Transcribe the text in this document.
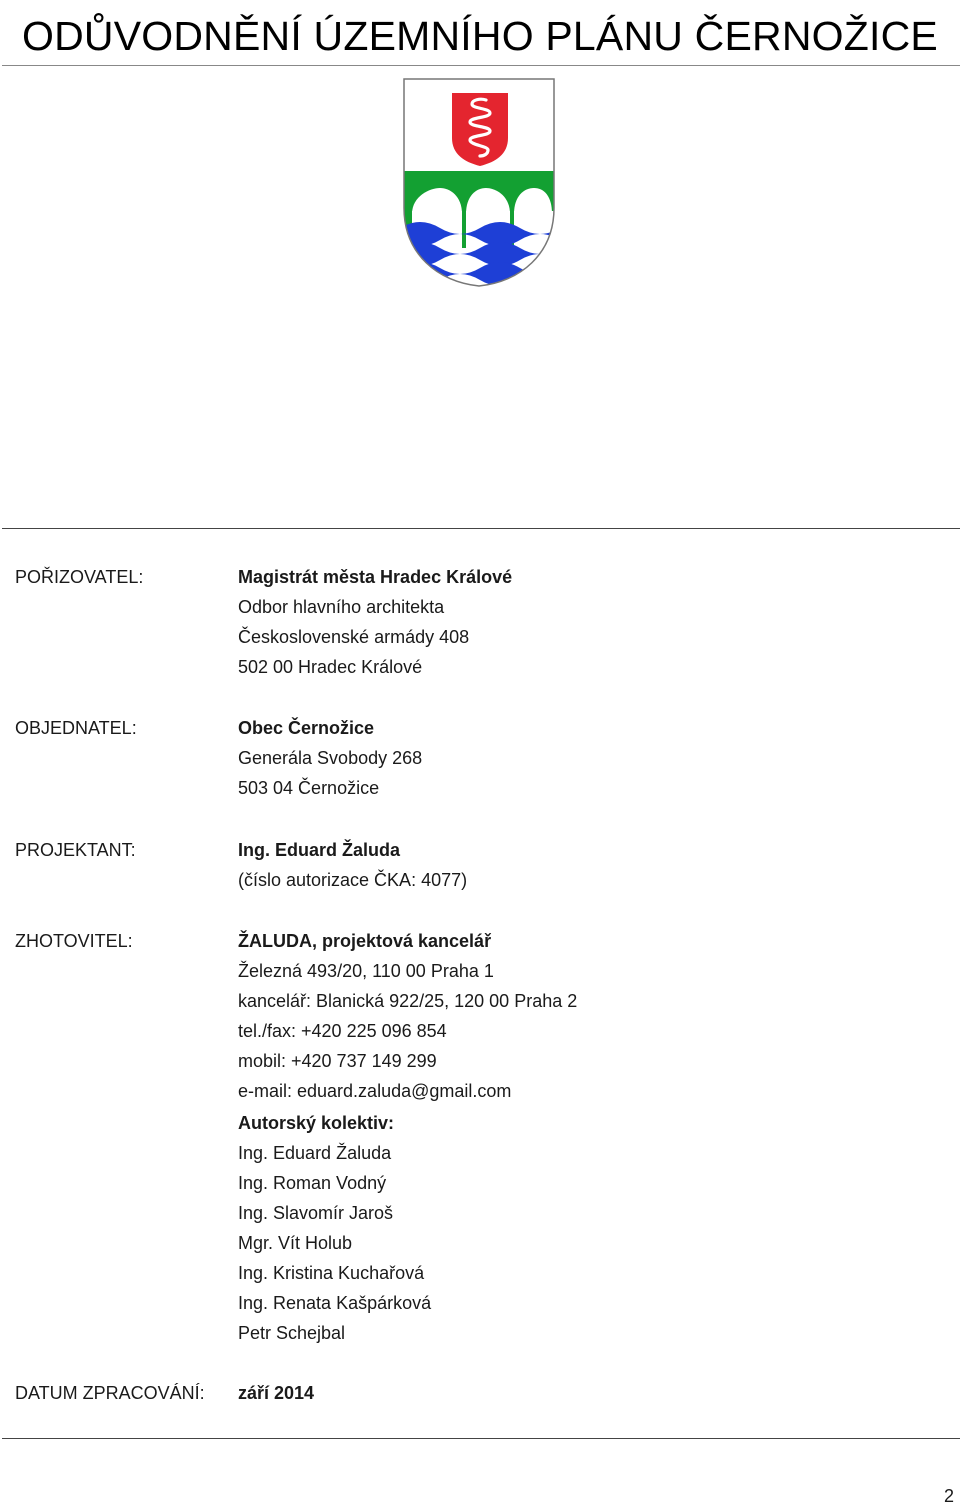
ODŮVODNĚNÍ ÚZEMNÍHO PLÁNU ČERNOŽICE
POŘIZOVATEL:	Magistrát města Hradec Králové
Odbor hlavního architekta
Československé armády 408
502 00 Hradec Králové
OBJEDNATEL:	Obec Černožice
Generála Svobody 268
503 04 Černožice
PROJEKTANT:	Ing. Eduard Žaluda
(číslo autorizace ČKA: 4077)
ZHOTOVITEL:	ŽALUDA, projektová kancelář
Železná 493/20, 110 00 Praha 1
kancelář: Blanická 922/25, 120 00 Praha 2
tel./fax: +420 225 096 854
mobil: +420 737 149 299
e-mail: eduard.zaluda@gmail.com
Autorský kolektiv:
Ing. Eduard Žaluda
Ing. Roman Vodný
Ing. Slavomír Jaroš
Mgr. Vít Holub
Ing. Kristina Kuchařová
Ing. Renata Kašpárková
Petr Schejbal
DATUM ZPRACOVÁNÍ: září 2014
2
